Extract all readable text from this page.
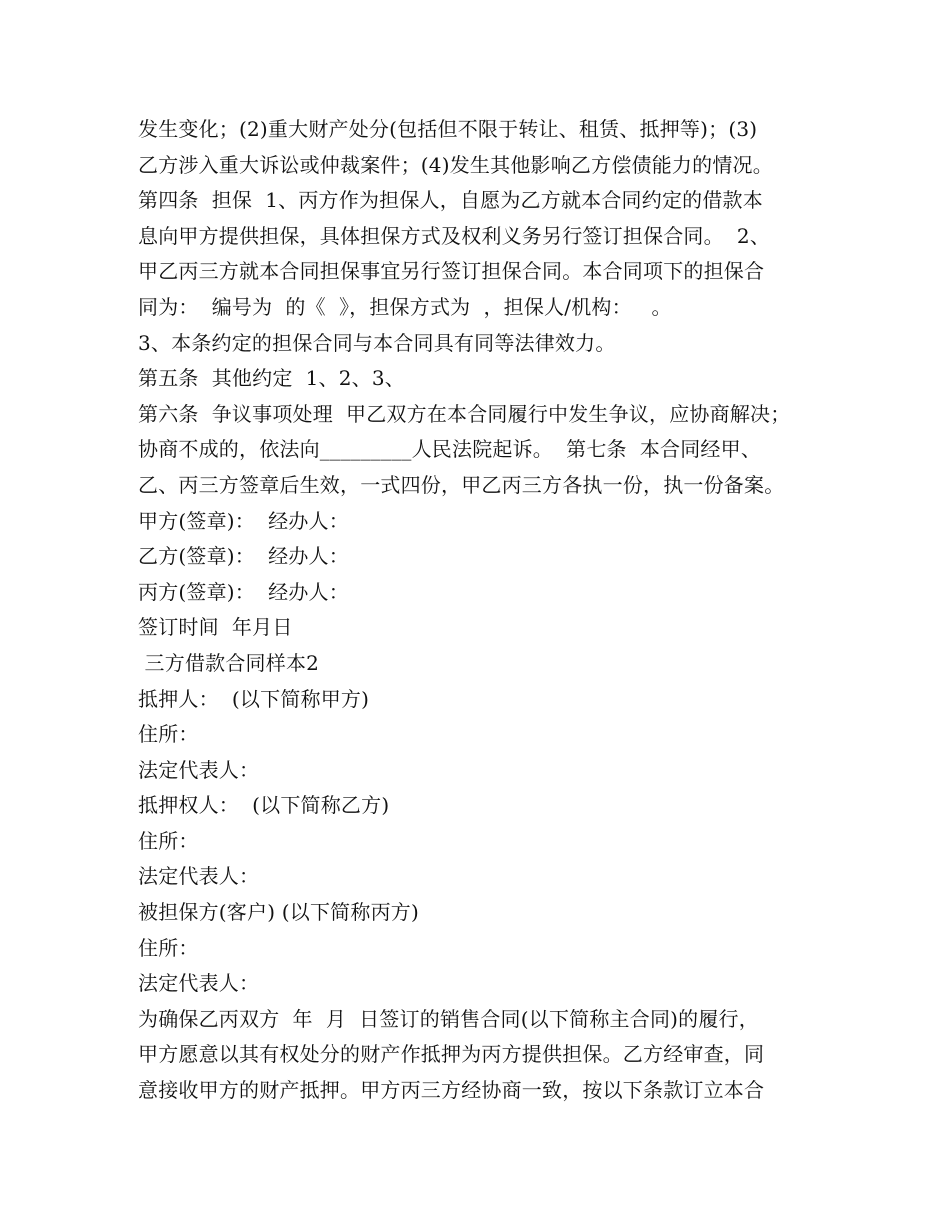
发生变化；(2)重大财产处分(包括但不限于转让、租赁、抵押等)；(3)
乙方涉入重大诉讼或仲裁案件；(4)发生其他影响乙方偿债能力的情况。
第四条  担保  1、丙方作为担保人，自愿为乙方就本合同约定的借款本
息向甲方提供担保，具体担保方式及权利义务另行签订担保合同。  2、
甲乙丙三方就本合同担保事宜另行签订担保合同。本合同项下的担保合
同为：  编号为  的《  》，担保方式为  ，担保人/机构：   。
3、本条约定的担保合同与本合同具有同等法律效力。
第五条  其他约定  1、2、3、
第六条  争议事项处理  甲乙双方在本合同履行中发生争议，应协商解决；
协商不成的，依法向_________人民法院起诉。  第七条  本合同经甲、
乙、丙三方签章后生效，一式四份，甲乙丙三方各执一份，执一份备案。
甲方(签章)：  经办人：
乙方(签章)：  经办人：
丙方(签章)：  经办人：
签订时间  年月日
三方借款合同样本2
抵押人：  (以下简称甲方)
住所：
法定代表人：
抵押权人：  (以下简称乙方)
住所：
法定代表人：
被担保方(客户) (以下简称丙方)
住所：
法定代表人：
为确保乙丙双方  年  月  日签订的销售合同(以下简称主合同)的履行，
甲方愿意以其有权处分的财产作抵押为丙方提供担保。乙方经审查，同
意接收甲方的财产抵押。甲方丙三方经协商一致，按以下条款订立本合
